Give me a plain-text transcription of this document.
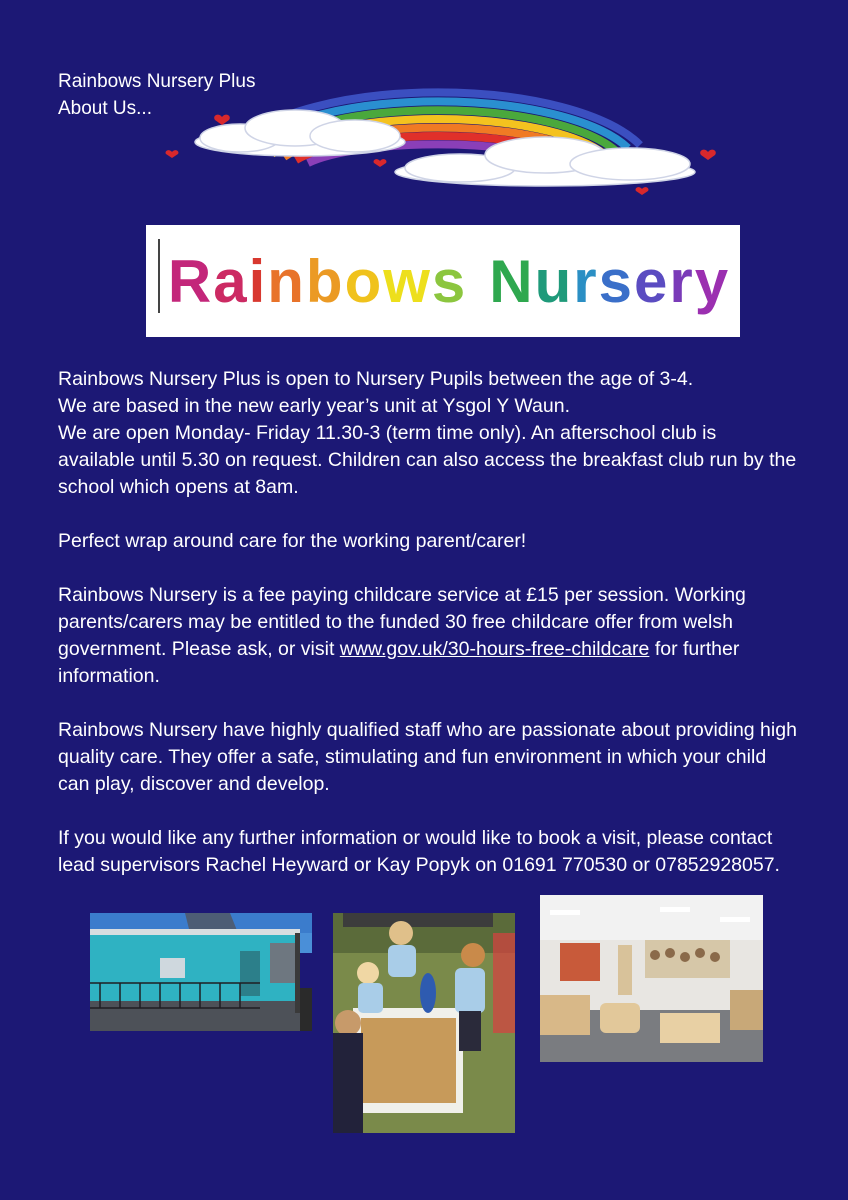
Rainbows Nursery Plus
About Us...
R a i n b o w s N u r s e r y

Rainbows Nursery Plus is open to Nursery Pupils between the age of 3-4.

We are based in the new early year’s unit at Ysgol Y Waun.

We are open Monday- Friday 11.30-3 (term time only). An afterschool club is available until 5.30 on request. Children can also access the breakfast club run by the school which opens at 8am.

Perfect wrap around care for the working parent/carer!

Rainbows Nursery is a fee paying childcare service at £15 per session. Working parents/carers may be entitled to the funded 30 free childcare offer from welsh government. Please ask, or visit www.gov.uk/30-hours-free-childcare for further information.

Rainbows Nursery have highly qualified staff who are passionate about providing high quality care. They offer a safe, stimulating and fun environment in which your child can play, discover and develop.

If you would like any further information or would like to book a visit, please contact lead supervisors Rachel Heyward or Kay Popyk on 01691 770530 or 07852928057.
